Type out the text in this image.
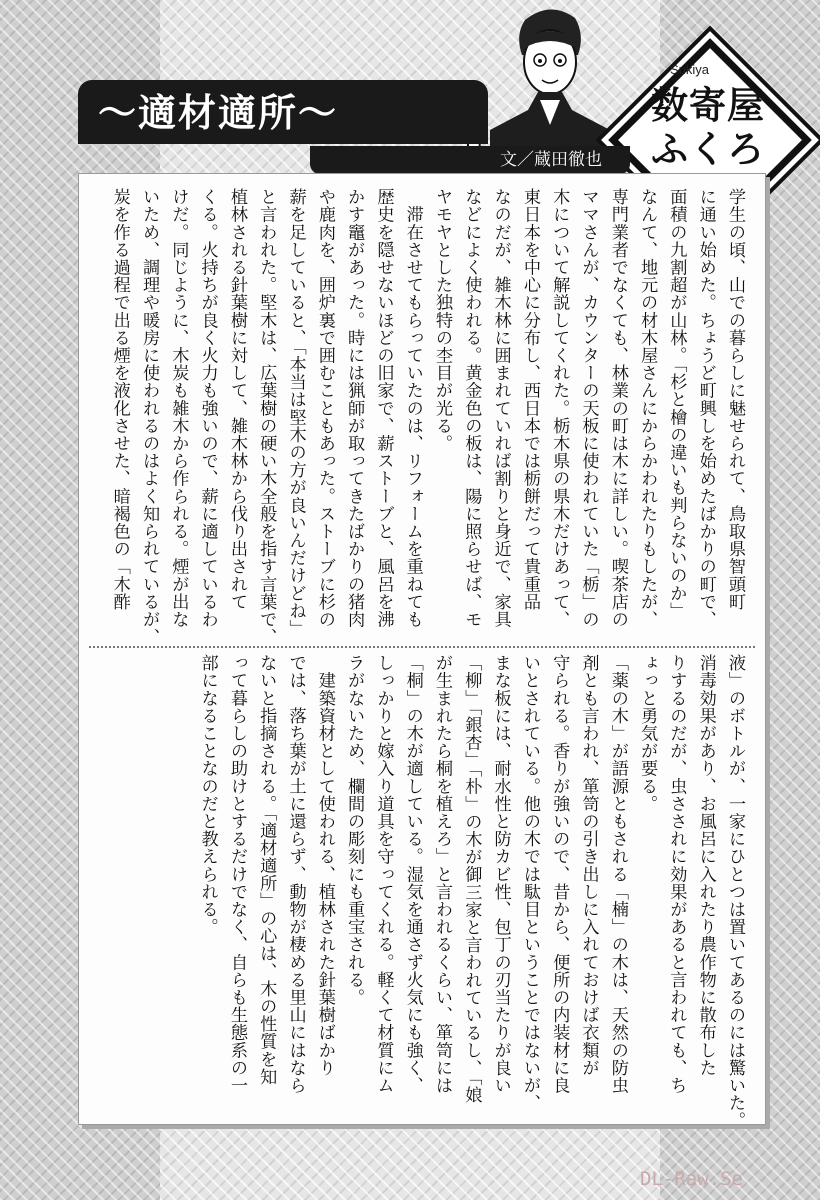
Sukiya
数寄屋
ふくろ
〜適材適所〜
文／蔵田徹也
学生の頃、山での暮らしに魅せられて、鳥取県智頭町
に通い始めた。ちょうど町興しを始めたばかりの町で、
面積の九割超が山林。「杉と檜の違いも判らないのか」
なんて、地元の材木屋さんにからかわれたりもしたが、
専門業者でなくても、林業の町は木に詳しい。喫茶店の
ママさんが、カウンターの天板に使われていた「栃」の
木について解説してくれた。栃木県の県木だけあって、
東日本を中心に分布し、西日本では栃餅だって貴重品
なのだが、雑木林に囲まれていれば割りと身近で、家具
などによく使われる。黄金色の板は、陽に照らせば、モ
ヤモヤとした独特の杢目が光る。
　滞在させてもらっていたのは、リフォームを重ねても
歴史を隠せないほどの旧家で、薪ストーブと、風呂を沸
かす竈があった。時には猟師が取ってきたばかりの猪肉
や鹿肉を、囲炉裏で囲むこともあった。ストーブに杉の
薪を足していると、「本当は堅木の方が良いんだけどね」
と言われた。堅木は、広葉樹の硬い木全般を指す言葉で、
植林される針葉樹に対して、雑木林から伐り出されて
くる。火持ちが良く火力も強いので、薪に適しているわ
けだ。同じように、木炭も雑木から作られる。煙が出な
いため、調理や暖房に使われるのはよく知られているが、
炭を作る過程で出る煙を液化させた、暗褐色の「木酢
液」のボトルが、一家にひとつは置いてあるのには驚いた。
消毒効果があり、お風呂に入れたり農作物に散布した
りするのだが、虫さされに効果があると言われても、ち
ょっと勇気が要る。
「薬の木」が語源ともされる「楠」の木は、天然の防虫
剤とも言われ、箪笥の引き出しに入れておけば衣類が
守られる。香りが強いので、昔から、便所の内装材に良
いとされている。他の木では駄目ということではないが、
まな板には、耐水性と防カビ性、包丁の刃当たりが良い
「柳」「銀杏」「朴」の木が御三家と言われているし、「娘
が生まれたら桐を植えろ」と言われるくらい、箪笥には
「桐」の木が適している。湿気を通さず火気にも強く、
しっかりと嫁入り道具を守ってくれる。軽くて材質にム
ラがないため、欄間の彫刻にも重宝される。
　建築資材として使われる、植林された針葉樹ばかり
では、落ち葉が土に還らず、動物が棲める里山にはなら
ないと指摘される。「適材適所」の心は、木の性質を知
って暮らしの助けとするだけでなく、自らも生態系の一
部になることなのだと教えられる。
DL-Raw.Se
